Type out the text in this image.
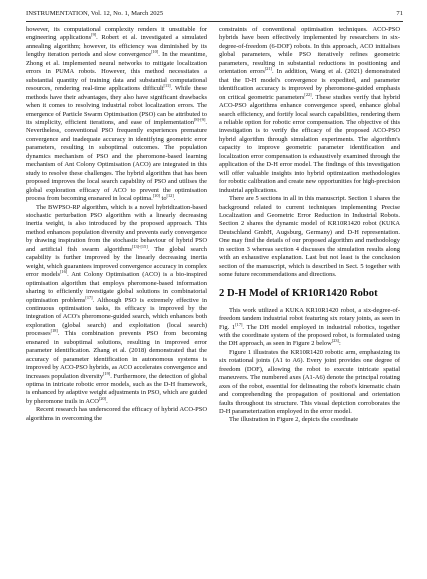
INSTRUMENTATION, Vol. 12, No. 1, March 2025	71

however, its computational complexity renders it unsuitable for engineering applications[9]. Robert et al. investigated a simulated annealing algorithm; however, its efficiency was diminished by its lengthy iteration periods and slow convergence[10]. In the meantime, Zhong et al. implemented neural networks to mitigate localization errors in PUMA robots. However, this method necessitates a substantial quantity of training data and substantial computational resources, rendering real-time applications difficult[11]. While these methods have their advantages, they also have significant drawbacks when it comes to resolving industrial robot localization errors. The emergence of Particle Swarm Optimisation (PSO) can be attributed to its simplicity, efficient iterations, and ease of implementation[8]-[9]. Nevertheless, conventional PSO frequently experiences premature convergence and inadequate accuracy in identifying geometric error parameters, resulting in suboptimal outcomes. The population dynamics mechanism of PSO and the pheromone-based learning mechanism of Ant Colony Optimisation (ACO) are integrated in this study to resolve these challenges. The hybrid algorithm that has been proposed improves the local search capability of PSO and utilises the global exploration efficacy of ACO to prevent the optimisation process from becoming ensnared in local optima.[10] to[12].

The BWPSO-RP algorithm, which is a novel hybridization-based stochastic perturbation PSO algorithm with a linearly decreasing inertia weight, is also introduced by the proposed approach. This method enhances population diversity and prevents early convergence by drawing inspiration from the stochastic behaviour of hybrid PSO and artificial fish swarm algorithms[13]-[15]. The global search capability is further improved by the linearly decreasing inertia weight, which guarantees improved convergence accuracy in complex error models[16]. Ant Colony Optimisation (ACO) is a bio-inspired optimisation algorithm that employs pheromone-based information sharing to efficiently investigate global solutions in combinatorial optimisation problems[17]. Although PSO is extremely effective in continuous optimisation tasks, its efficacy is improved by the integration of ACO's pheromone-guided search, which enhances both exploration (global search) and exploitation (local search) processes[18]. This combination prevents PSO from becoming ensnared in suboptimal solutions, resulting in improved error parameter identification. Zhang et al. (2018) demonstrated that the accuracy of parameter identification in autonomous systems is improved by ACO-PSO hybrids, as ACO accelerates convergence and increases population diversity[19]. Furthermore, the detection of global optima in intricate robotic error models, such as the D-H framework, is enhanced by adaptive weight adjustments in PSO, which are guided by pheromone trails in ACO[20].

Recent research has underscored the efficacy of hybrid ACO-PSO algorithms in overcoming the

constraints of conventional optimisation techniques. ACO-PSO hybrids have been effectively implemented by researchers in six-degree-of-freedom (6-DOF) robots. In this approach, ACO initialises global parameters, while PSO iteratively refines geometric parameters, resulting in substantial reductions in positioning and orientation errors[21]. In addition, Wang et al. (2021) demonstrated that the D-H model's convergence is expedited, and parameter identification accuracy is improved by pheromone-guided emphasis on critical geometric parameters[22]. These studies verify that hybrid ACO-PSO algorithms enhance convergence speed, enhance global search efficiency, and fortify local search capabilities, rendering them a reliable option for robotic error compensation. The objective of this investigation is to verify the efficacy of the proposed ACO-PSO hybrid algorithm through simulation experiments. The algorithm's capacity to improve geometric parameter identification and localization error compensation is exhaustively examined through the application of the D-H error model. The findings of this investigation will offer valuable insights into hybrid optimization methodologies for robotic calibration and create new opportunities for high-precision industrial applications.

There are 5 sections in all in this manuscript. Section 1 shares the background related to current techniques implementing Precise Localization and Geometric Error Reduction in Industrial Robots. Section 2 shares the dynamic model of KR10R1420 robot (KUKA Deutschland GmbH, Augsburg, Germany) and D-H representation. One may find the details of our proposed algorithm and methodology in section 3 whereas section 4 discusses the simulation results along with an exhaustive explanation. Last but not least is the conclusion section of the manuscript, which is described in Sect. 5 together with some future recommendations and directions.

2 D-H Model of KR10R1420 Robot

This work utilized a KUKA KR10R1420 robot, a six-degree-of-freedom tandem industrial robot featuring six rotary joints, as seen in Fig. 1[17]. The DH model employed in industrial robotics, together with the coordinate system of the proposed robot, is formulated using the DH approach, as seen in Figure 2 below[23]:

Figure 1 illustrates the KR10R1420 robotic arm, emphasizing its six rotational joints (A1 to A6). Every joint provides one degree of freedom (DOF), allowing the robot to execute intricate spatial maneuvers. The numbered axes (A1-A6) denote the principal rotating axes of the robot, essential for delineating the robot's kinematic chain and comprehending the propagation of positional and orientation faults throughout its structure. This visual depiction corroborates the D-H parameterization employed in the error model.

The illustration in Figure 2, depicts the coordinate
